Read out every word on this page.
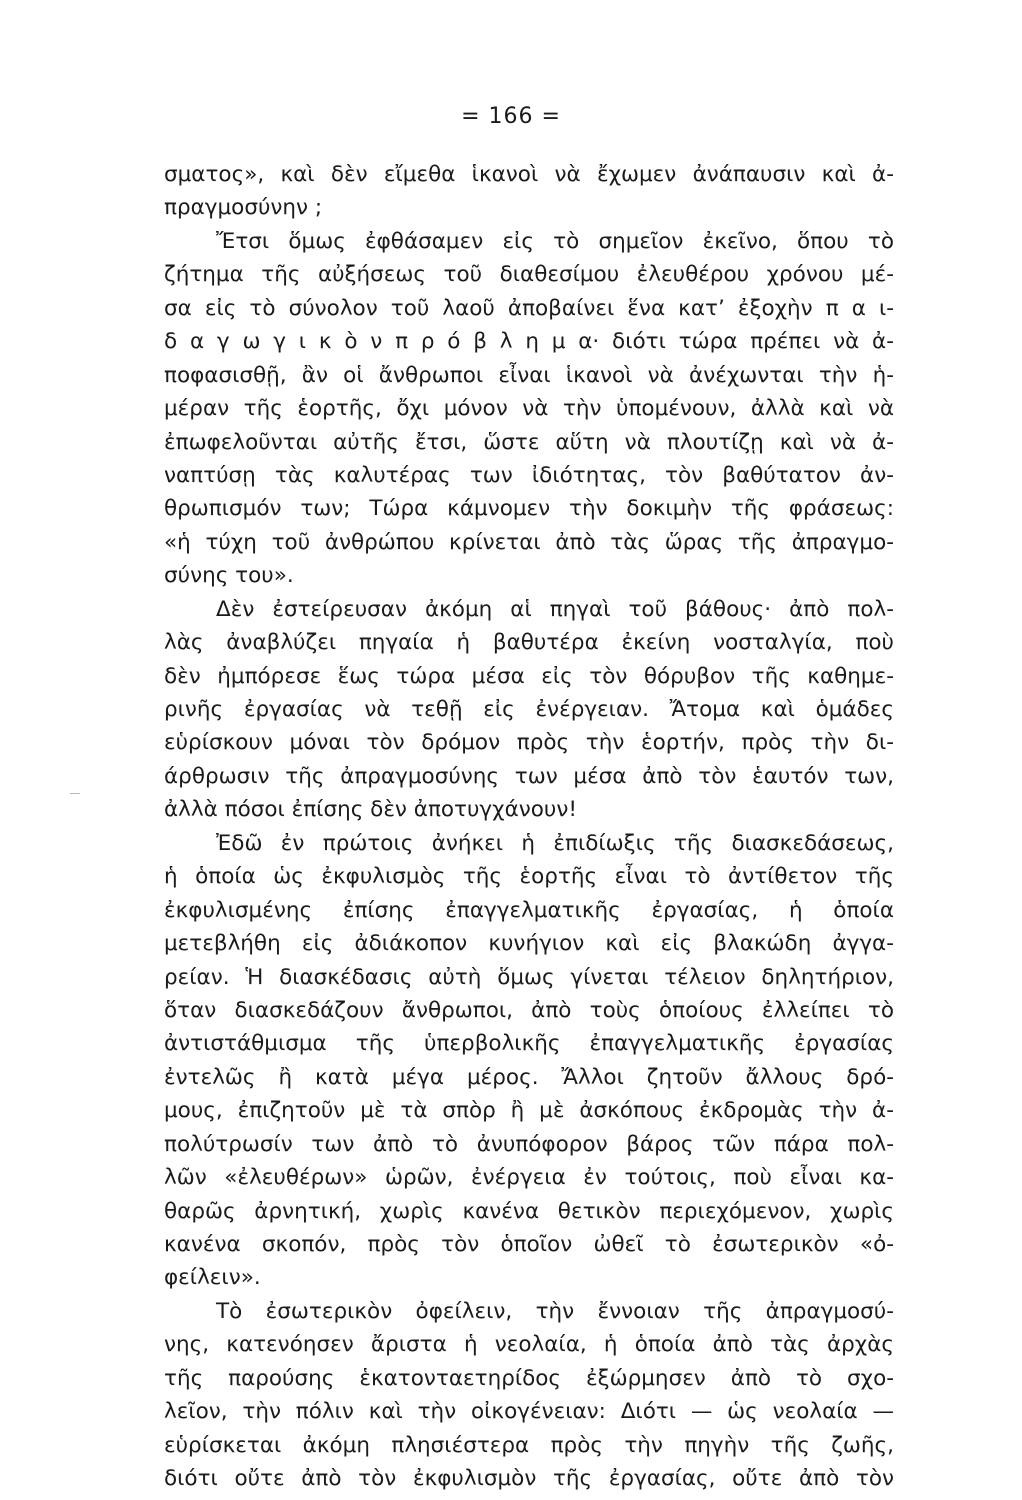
= 166 =
σματος», καὶ δὲν εἴμεθα ἱκανοὶ νὰ ἔχωμεν ἀνάπαυσιν καὶ ἀ-
πραγμοσύνην ;
Ἔτσι ὅμως ἐφθάσαμεν εἰς τὸ σημεῖον ἐκεῖνο, ὅπου τὸ
ζήτημα τῆς αὐξήσεως τοῦ διαθεσίμου ἐλευθέρου χρόνου μέ-
σα εἰς τὸ σύνολον τοῦ λαοῦ ἀποβαίνει ἕνα κατ’ ἐξοχὴν π α ι-
δ α γ ω γ ι κ ὸ ν π ρ ό β λ η μ α· διότι τώρα πρέπει νὰ ἀ-
ποφασισθῇ, ἂν οἱ ἄνθρωποι εἶναι ἱκανοὶ νὰ ἀνέχωνται τὴν ἡ-
μέραν τῆς ἑορτῆς, ὄχι μόνον νὰ τὴν ὑπομένουν, ἀλλὰ καὶ νὰ
ἐπωφελοῦνται αὐτῆς ἔτσι, ὥστε αὕτη νὰ πλουτίζῃ καὶ νὰ ἀ-
ναπτύσῃ τὰς καλυτέρας των ἰδιότητας, τὸν βαθύτατον ἀν-
θρωπισμόν των; Τώρα κάμνομεν τὴν δοκιμὴν τῆς φράσεως:
«ἡ τύχη τοῦ ἀνθρώπου κρίνεται ἀπὸ τὰς ὥρας τῆς ἀπραγμο-
σύνης του».
Δὲν ἐστείρευσαν ἀκόμη αἱ πηγαὶ τοῦ βάθους· ἀπὸ πολ-
λὰς ἀναβλύζει πηγαία ἡ βαθυτέρα ἐκείνη νοσταλγία, ποὺ
δὲν ἠμπόρεσε ἕως τώρα μέσα εἰς τὸν θόρυβον τῆς καθημε-
ρινῆς ἐργασίας νὰ τεθῇ εἰς ἐνέργειαν. Ἄτομα καὶ ὁμάδες
εὑρίσκουν μόναι τὸν δρόμον πρὸς τὴν ἑορτήν, πρὸς τὴν δι-
άρθρωσιν τῆς ἀπραγμοσύνης των μέσα ἀπὸ τὸν ἑαυτόν των,
ἀλλὰ πόσοι ἐπίσης δὲν ἀποτυγχάνουν!
Ἐδῶ ἐν πρώτοις ἀνήκει ἡ ἐπιδίωξις τῆς διασκεδάσεως,
ἡ ὁποία ὡς ἐκφυλισμὸς τῆς ἑορτῆς εἶναι τὸ ἀντίθετον τῆς
ἐκφυλισμένης ἐπίσης ἐπαγγελματικῆς ἐργασίας, ἡ ὁποία
μετεβλήθη εἰς ἀδιάκοπον κυνήγιον καὶ εἰς βλακώδη ἀγγα-
ρείαν. Ἡ διασκέδασις αὐτὴ ὅμως γίνεται τέλειον δηλητήριον,
ὅταν διασκεδάζουν ἄνθρωποι, ἀπὸ τοὺς ὁποίους ἐλλείπει τὸ
ἀντιστάθμισμα τῆς ὑπερβολικῆς ἐπαγγελματικῆς ἐργασίας
ἐντελῶς ἢ κατὰ μέγα μέρος. Ἄλλοι ζητοῦν ἄλλους δρό-
μους, ἐπιζητοῦν μὲ τὰ σπὸρ ἢ μὲ ἀσκόπους ἐκδρομὰς τὴν ἀ-
πολύτρωσίν των ἀπὸ τὸ ἀνυπόφορον βάρος τῶν πάρα πολ-
λῶν «ἐλευθέρων» ὡρῶν, ἐνέργεια ἐν τούτοις, ποὺ εἶναι κα-
θαρῶς ἀρνητική, χωρὶς κανένα θετικὸν περιεχόμενον, χωρὶς
κανένα σκοπόν, πρὸς τὸν ὁποῖον ὠθεῖ τὸ ἐσωτερικὸν «ὀ-
φείλειν».
Τὸ ἐσωτερικὸν ὀφείλειν, τὴν ἔννοιαν τῆς ἀπραγμοσύ-
νης, κατενόησεν ἄριστα ἡ νεολαία, ἡ ὁποία ἀπὸ τὰς ἀρχὰς
τῆς παρούσης ἑκατονταετηρίδος ἐξώρμησεν ἀπὸ τὸ σχο-
λεῖον, τὴν πόλιν καὶ τὴν οἰκογένειαν: Διότι — ὡς νεολαία —
εὑρίσκεται ἀκόμη πλησιέστερα πρὸς τὴν πηγὴν τῆς ζωῆς,
διότι οὔτε ἀπὸ τὸν ἐκφυλισμὸν τῆς ἐργασίας, οὔτε ἀπὸ τὸν
